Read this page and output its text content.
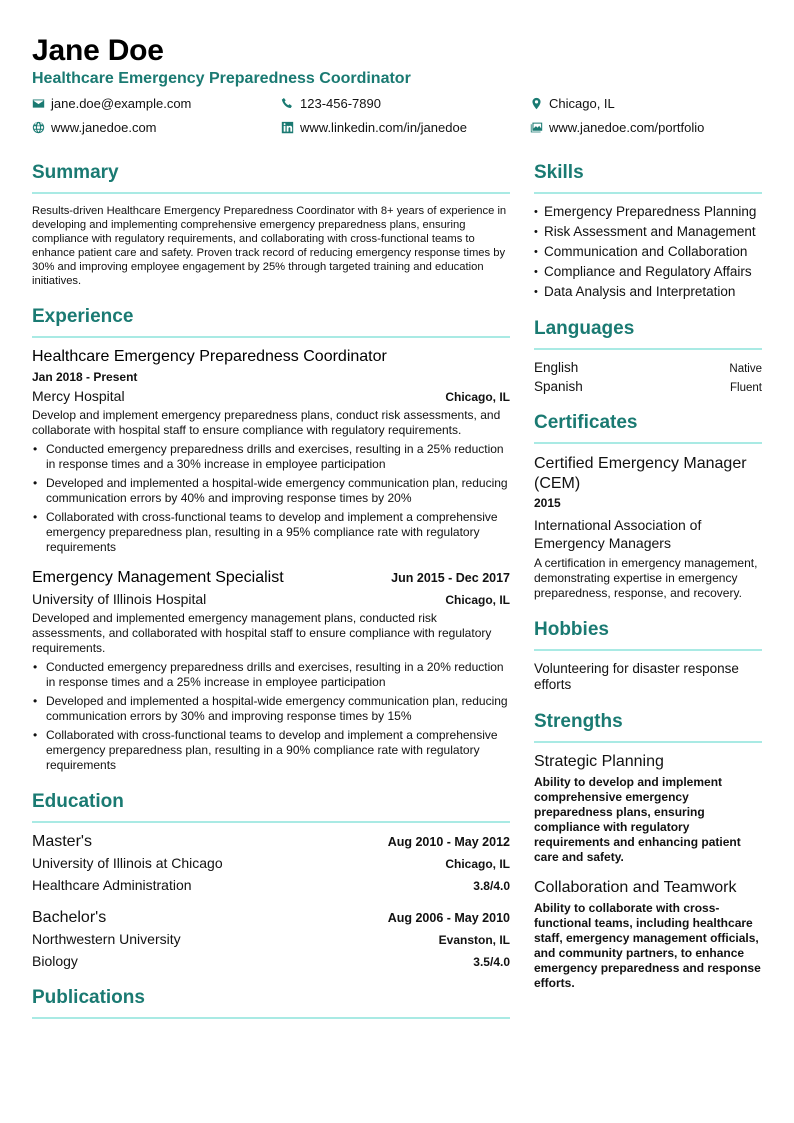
Jane Doe
Healthcare Emergency Preparedness Coordinator
jane.doe@example.com	123-456-7890	Chicago, IL
www.janedoe.com	www.linkedin.com/in/janedoe	www.janedoe.com/portfolio
Summary
Results-driven Healthcare Emergency Preparedness Coordinator with 8+ years of experience in developing and implementing comprehensive emergency preparedness plans, ensuring compliance with regulatory requirements, and collaborating with cross-functional teams to enhance patient care and safety. Proven track record of reducing emergency response times by 30% and improving employee engagement by 25% through targeted training and education initiatives.
Experience
Healthcare Emergency Preparedness Coordinator
Jan 2018 - Present
Mercy Hospital	Chicago, IL
Develop and implement emergency preparedness plans, conduct risk assessments, and collaborate with hospital staff to ensure compliance with regulatory requirements.
• Conducted emergency preparedness drills and exercises, resulting in a 25% reduction in response times and a 30% increase in employee participation
• Developed and implemented a hospital-wide emergency communication plan, reducing communication errors by 40% and improving response times by 20%
• Collaborated with cross-functional teams to develop and implement a comprehensive emergency preparedness plan, resulting in a 95% compliance rate with regulatory requirements
Emergency Management Specialist	Jun 2015 - Dec 2017
University of Illinois Hospital	Chicago, IL
Developed and implemented emergency management plans, conducted risk assessments, and collaborated with hospital staff to ensure compliance with regulatory requirements.
• Conducted emergency preparedness drills and exercises, resulting in a 20% reduction in response times and a 25% increase in employee participation
• Developed and implemented a hospital-wide emergency communication plan, reducing communication errors by 30% and improving response times by 15%
• Collaborated with cross-functional teams to develop and implement a comprehensive emergency preparedness plan, resulting in a 90% compliance rate with regulatory requirements
Education
Master's	Aug 2010 - May 2012
University of Illinois at Chicago	Chicago, IL
Healthcare Administration	3.8/4.0
Bachelor's	Aug 2006 - May 2010
Northwestern University	Evanston, IL
Biology	3.5/4.0
Publications
Skills
• Emergency Preparedness Planning
• Risk Assessment and Management
• Communication and Collaboration
• Compliance and Regulatory Affairs
• Data Analysis and Interpretation
Languages
English	Native
Spanish	Fluent
Certificates
Certified Emergency Manager (CEM)
2015
International Association of Emergency Managers
A certification in emergency management, demonstrating expertise in emergency preparedness, response, and recovery.
Hobbies
Volunteering for disaster response efforts
Strengths
Strategic Planning
Ability to develop and implement comprehensive emergency preparedness plans, ensuring compliance with regulatory requirements and enhancing patient care and safety.
Collaboration and Teamwork
Ability to collaborate with cross-functional teams, including healthcare staff, emergency management officials, and community partners, to enhance emergency preparedness and response efforts.
